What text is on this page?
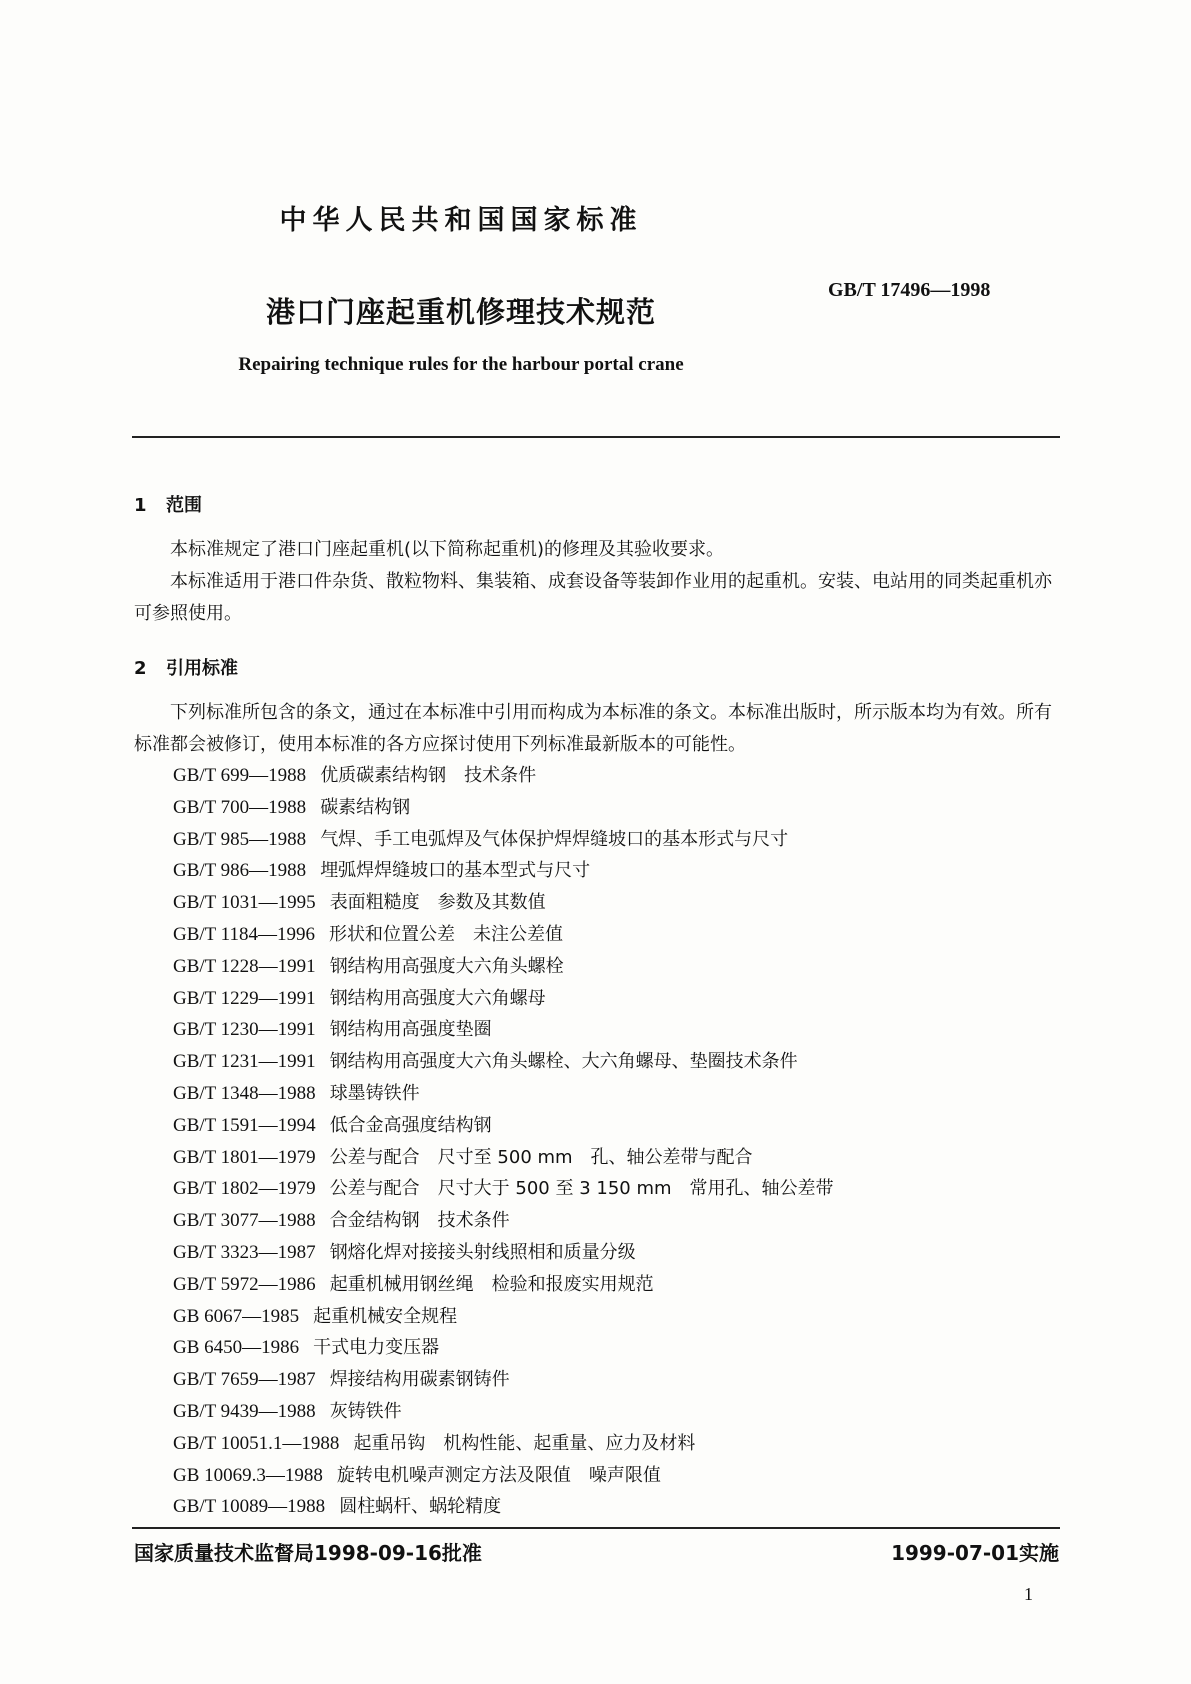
中华人民共和国国家标准
GB/T 17496—1998
港口门座起重机修理技术规范
Repairing technique rules for the harbour portal crane
1 范围
本标准规定了港口门座起重机(以下简称起重机)的修理及其验收要求。
本标准适用于港口件杂货、散粒物料、集装箱、成套设备等装卸作业用的起重机。安装、电站用的同类起重机亦可参照使用。
2 引用标准
下列标准所包含的条文，通过在本标准中引用而构成为本标准的条文。本标准出版时，所示版本均为有效。所有标准都会被修订，使用本标准的各方应探讨使用下列标准最新版本的可能性。
GB/T 699—1988 优质碳素结构钢　技术条件
GB/T 700—1988 碳素结构钢
GB/T 985—1988 气焊、手工电弧焊及气体保护焊焊缝坡口的基本形式与尺寸
GB/T 986—1988 埋弧焊焊缝坡口的基本型式与尺寸
GB/T 1031—1995 表面粗糙度　参数及其数值
GB/T 1184—1996 形状和位置公差　未注公差值
GB/T 1228—1991 钢结构用高强度大六角头螺栓
GB/T 1229—1991 钢结构用高强度大六角螺母
GB/T 1230—1991 钢结构用高强度垫圈
GB/T 1231—1991 钢结构用高强度大六角头螺栓、大六角螺母、垫圈技术条件
GB/T 1348—1988 球墨铸铁件
GB/T 1591—1994 低合金高强度结构钢
GB/T 1801—1979 公差与配合　尺寸至 500 mm　孔、轴公差带与配合
GB/T 1802—1979 公差与配合　尺寸大于 500 至 3 150 mm　常用孔、轴公差带
GB/T 3077—1988 合金结构钢　技术条件
GB/T 3323—1987 钢熔化焊对接接头射线照相和质量分级
GB/T 5972—1986 起重机械用钢丝绳　检验和报废实用规范
GB 6067—1985 起重机械安全规程
GB 6450—1986 干式电力变压器
GB/T 7659—1987 焊接结构用碳素钢铸件
GB/T 9439—1988 灰铸铁件
GB/T 10051.1—1988 起重吊钩　机构性能、起重量、应力及材料
GB 10069.3—1988 旋转电机噪声测定方法及限值　噪声限值
GB/T 10089—1988 圆柱蜗杆、蜗轮精度
国家质量技术监督局1998-09-16批准	1999-07-01实施
1
